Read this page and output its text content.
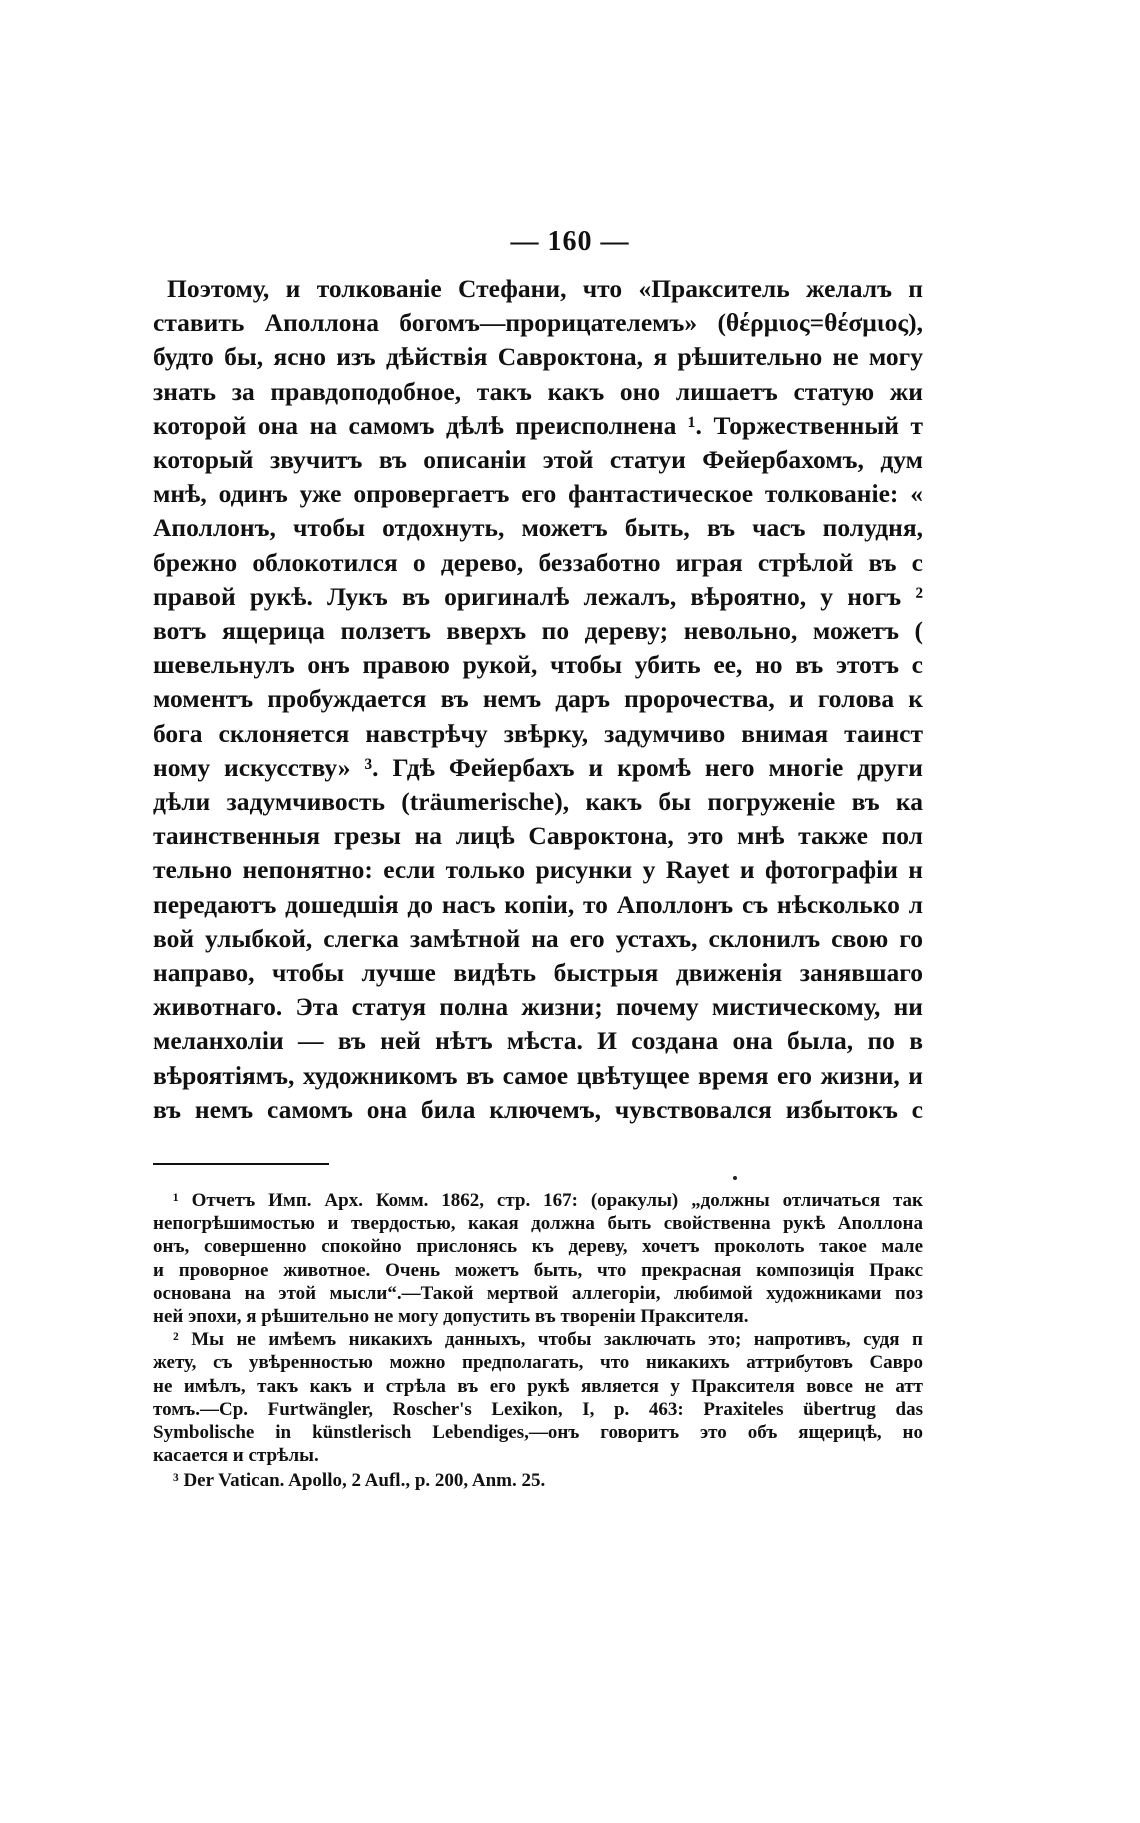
— 160 —
Поэтому, и толкованіе Стефани, что «Пракситель желалъ п
ставить Аполлона богомъ—прорицателемъ» (θέρμιος=θέσμιος),
будто бы, ясно изъ дѣйствія Савроктона, я рѣшительно не могу
знать за правдоподобное, такъ какъ оно лишаетъ статую жи
которой она на самомъ дѣлѣ преисполнена ¹. Торжественный т
который звучитъ въ описаніи этой статуи Фейербахомъ, дум
мнѣ, одинъ уже опровергаетъ его фантастическое толкованіе: «
Аполлонъ, чтобы отдохнуть, можетъ быть, въ часъ полудня,
брежно облокотился о дерево, беззаботно играя стрѣлой въ с
правой рукѣ. Лукъ въ оригиналѣ лежалъ, вѣроятно, у ногъ ²
вотъ ящерица ползетъ вверхъ по дереву; невольно, можетъ (
шевельнулъ онъ правою рукой, чтобы убить ее, но въ этотъ с
моментъ пробуждается въ немъ даръ пророчества, и голова к
бога склоняется навстрѣчу звѣрку, задумчиво внимая таинст
ному искусству» ³. Гдѣ Фейербахъ и кромѣ него многіе други
дѣли задумчивость (träumerische), какъ бы погруженіе въ ка
таинственныя грезы на лицѣ Савроктона, это мнѣ также пол
тельно непонятно: если только рисунки у Rayet и фотографіи н
передаютъ дошедшія до насъ копіи, то Аполлонъ съ нѣсколько л
вой улыбкой, слегка замѣтной на его устахъ, склонилъ свою го
направо, чтобы лучше видѣть быстрыя движенія занявшаго
животнаго. Эта статуя полна жизни; почему мистическому, ни
меланхоліи — въ ней нѣтъ мѣста. И создана она была, по в
вѣроятіямъ, художникомъ въ самое цвѣтущее время его жизни, и
въ немъ самомъ она била ключемъ, чувствовался избытокъ с
¹ Отчетъ Имп. Арх. Комм. 1862, стр. 167: (оракулы) „должны отличаться так
непогрѣшимостью и твердостью, какая должна быть свойственна рукѣ Аполлона
онъ, совершенно спокойно прислонясь къ дереву, хочетъ проколоть такое мале
и проворное животное. Очень можетъ быть, что прекрасная композиція Пракс
основана на этой мысли“.—Такой мертвой аллегоріи, любимой художниками поз
ней эпохи, я рѣшительно не могу допустить въ твореніи Праксителя.
² Мы не имѣемъ никакихъ данныхъ, чтобы заключать это; напротивъ, судя п
жету, съ увѣренностью можно предполагать, что никакихъ аттрибутовъ Савро
не имѣлъ, такъ какъ и стрѣла въ его рукѣ является у Праксителя вовсе не атт
томъ.—Ср. Furtwängler, Roscher's Lexikon, I, p. 463: Praxiteles übertrug das
Symbolische in künstlerisch Lebendiges,—онъ говоритъ это объ ящерицѣ, но
касается и стрѣлы.
³ Der Vatican. Apollo, 2 Aufl., p. 200, Anm. 25.
